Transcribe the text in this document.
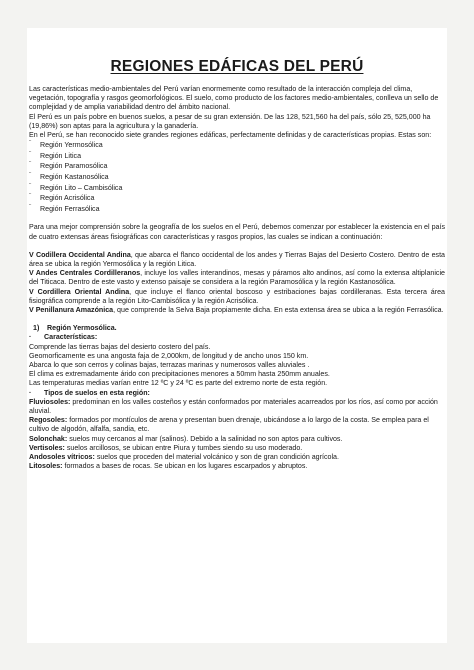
REGIONES EDÁFICAS DEL PERÚ

Las características medio-ambientales del Perú varían enormemente como resultado de la interacción compleja del clima, vegetación, topografía y rasgos geomorfológicos. El suelo, como producto de los factores medio-ambientales, conlleva un sello de complejidad y de amplia variabilidad dentro del ámbito nacional.

El Perú es un país pobre en buenos suelos, a pesar de su gran extensión. De las 128, 521,560 ha del país, sólo 25, 525,000 ha (19,86%) son aptas para la agricultura y la ganadería.

En el Perú, se han reconocido siete grandes regiones edáficas, perfectamente definidas y de características propias. Estas son:

¨ Región Yermosólica
¨ Región Litica
¨ Región Paramosólica
¨ Región Kastanosólica
¨ Región Lito – Cambisólica
¨ Región Acrisólica
¨ Región Ferrasólica

Para una mejor comprensión sobre la geografía de los suelos en el Perú, debemos comenzar por establecer la existencia en el país de cuatro extensas áreas fisiográficas con características y rasgos propios, las cuales se indican a continuación:

V Codillera Occidental Andina, que abarca el flanco occidental de los andes y Tierras Bajas del Desierto Costero. Dentro de esta área se ubica la región Yermosólica y la región Litica.

V Andes Centrales Cordilleranos, incluye los valles interandinos, mesas y páramos alto andinos, así como la extensa altiplanicie del Titicaca. Dentro de este vasto y extenso paisaje se considera a la región Paramosólica y la región Kastanosólica.

V Cordillera Oriental Andina, que incluye el flanco oriental boscoso y estribaciones bajas cordilleranas. Esta tercera área fisiográfica comprende a la región Lito-Cambisólica y la región Acrisólica.

V Penillanura Amazónica, que comprende la Selva Baja propiamente dicha. En esta extensa área se ubica a la región Ferrasólica.

1) Región Yermosólica.

· Características:

Comprende las tierras bajas del desierto costero del país.

Geomorficamente es una angosta faja de 2,000km, de longitud y de ancho unos 150 km.

Abarca lo que son cerros y colinas bajas, terrazas marinas y numerosos valles aluviales .

El clima es extremadamente árido con precipitaciones menores a 50mm hasta 250mm anuales.

Las temperaturas medias varían entre 12 ºC y 24 ºC es parte del extremo norte de esta región.

· Tipos de suelos en esta región:

Fluviosoles: predominan en los valles costeños y están conformados por materiales acarreados por los ríos, así como por acción aluvial.

Regosoles: formados por montículos de arena y presentan buen drenaje, ubicándose a lo largo de la costa. Se emplea para el cultivo de algodón, alfalfa, sandia, etc.

Solonchak: suelos muy cercanos al mar (salinos). Debido a la salinidad no son aptos para cultivos.

Vertisoles: suelos arcillosos, se ubican entre Piura y tumbes siendo su uso moderado.

Andosoles vítricos: suelos que proceden del material volcánico y son de gran condición agrícola.

Litosoles: formados a bases de rocas. Se ubican en los lugares escarpados y abruptos.
